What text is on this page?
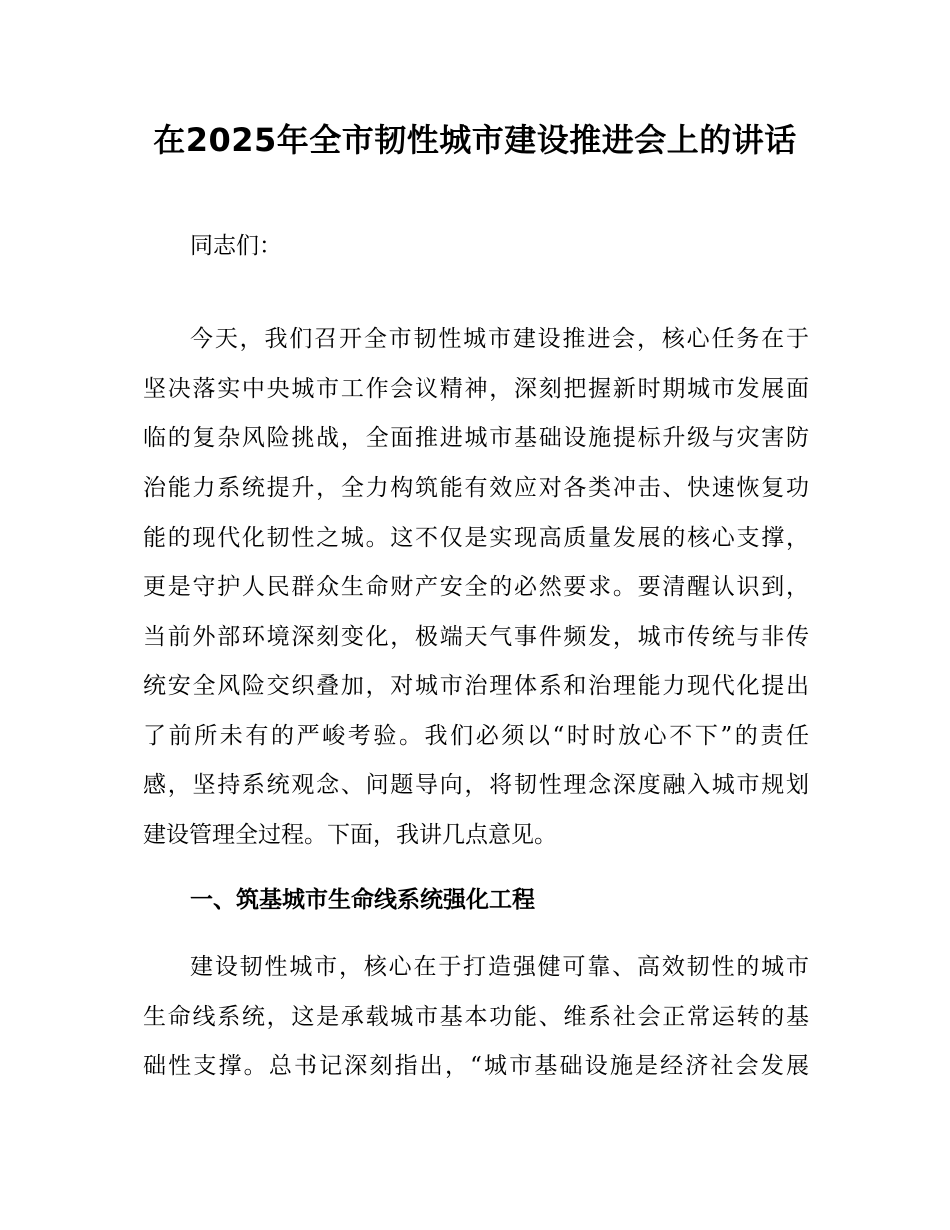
在2025年全市韧性城市建设推进会上的讲话

同志们：

今天，我们召开全市韧性城市建设推进会，核心任务在于

坚决落实中央城市工作会议精神，深刻把握新时期城市发展面

临的复杂风险挑战，全面推进城市基础设施提标升级与灾害防

治能力系统提升，全力构筑能有效应对各类冲击、快速恢复功

能的现代化韧性之城。这不仅是实现高质量发展的核心支撑，

更是守护人民群众生命财产安全的必然要求。要清醒认识到，

当前外部环境深刻变化，极端天气事件频发，城市传统与非传

统安全风险交织叠加，对城市治理体系和治理能力现代化提出

了前所未有的严峻考验。我们必须以“时时放心不下”的责任

感，坚持系统观念、问题导向，将韧性理念深度融入城市规划

建设管理全过程。下面，我讲几点意见。

一、筑基城市生命线系统强化工程

建设韧性城市，核心在于打造强健可靠、高效韧性的城市

生命线系统，这是承载城市基本功能、维系社会正常运转的基

础性支撑。总书记深刻指出，“城市基础设施是经济社会发展
